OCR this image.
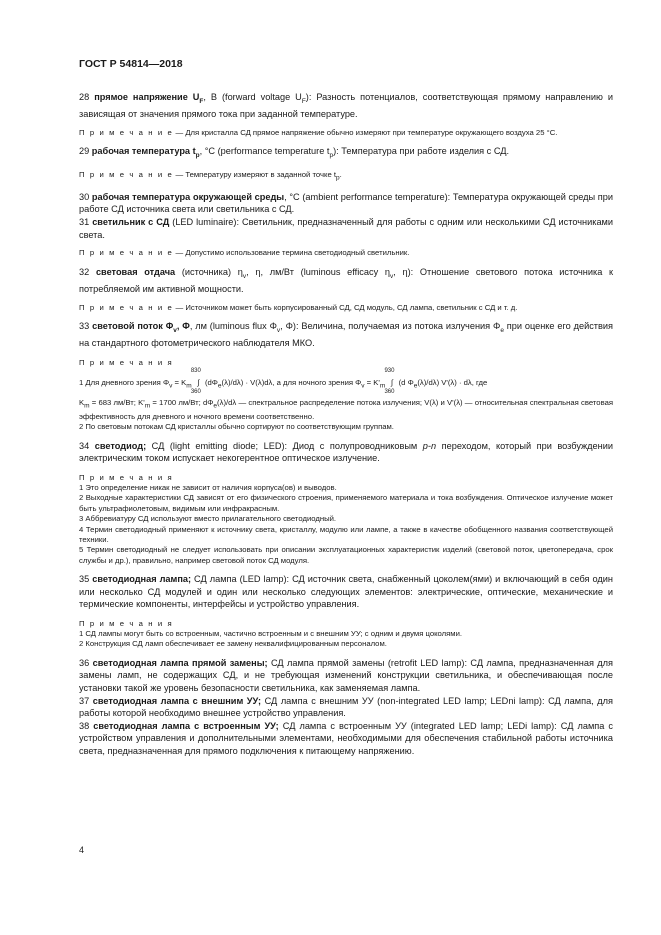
ГОСТ Р 54814—2018

28 прямое напряжение $U_F$, В (forward voltage $U_F$): Разность потенциалов, соответствующая прямому направлению и зависящая от значения прямого тока при заданной температуре.

П р и м е ч а н и е — Для кристалла СД прямое напряжение обычно измеряют при температуре окружающего воздуха 25 °С.

29 рабочая температура $t_p$, °C (performance temperature $t_p$): Температура при работе изделия с СД.

П р и м е ч а н и е — Температуру измеряют в заданной точке $t_p$.

30 рабочая температура окружающей среды, °C (ambient performance temperature): Температура окружающей среды при работе СД источника света или светильника с СД.

31 светильник с СД (LED luminaire): Светильник, предназначенный для работы с одним или несколькими СД источниками света.

П р и м е ч а н и е — Допустимо использование термина светодиодный светильник.

32 световая отдача (источника) $\eta_v$, η, лм/Вт (luminous efficacy $\eta_v$, η): Отношение светового потока источника к потребляемой им активной мощности.

П р и м е ч а н и е — Источником может быть корпусированный СД, СД модуль, СД лампа, светильник с СД и т. д.

33 световой поток $\Phi_v$, Φ, лм (luminous flux $\Phi_v$, Φ): Величина, получаемая из потока излучения $\Phi_e$ при оценке его действия на стандартного фотометрического наблюдателя МКО.

П р и м е ч а н и я
1 Для дневного зрения $\Phi_v = K_m$ ∫
830
360
$(d\Phi_e(\lambda)/d\lambda) \cdot V(\lambda)d\lambda$, а для ночного зрения $\Phi_v = K'_m$ ∫
930
360
(d $\Phi_e(\lambda)/d\lambda$) V'(λ) · dλ, где
$K_m = 683$ лм/Вт; $K'_m = 1700$ лм/Вт; $d\Phi_e(\lambda)/d\lambda$ — спектральное распределение потока излучения; V(λ) и V'(λ) — относительная спектральная световая эффективность для дневного и ночного времени соответственно.
2 По световым потокам СД кристаллы обычно сортируют по соответствующим группам.

34 светодиод; СД (light emitting diode; LED): Диод с полупроводниковым p-n переходом, который при возбуждении электрическим током испускает некогерентное оптическое излучение.

П р и м е ч а н и я
1 Это определение никак не зависит от наличия корпуса(ов) и выводов.
2 Выходные характеристики СД зависят от его физического строения, применяемого материала и тока возбуждения. Оптическое излучение может быть ультрафиолетовым, видимым или инфракрасным.
3 Аббревиатуру СД используют вместо прилагательного светодиодный.
4 Термин светодиодный применяют к источнику света, кристаллу, модулю или лампе, а также в качестве обобщенного названия соответствующей техники.
5 Термин светодиодный не следует использовать при описании эксплуатационных характеристик изделий (световой поток, цветопередача, срок службы и др.), правильно, например световой поток СД модуля.

35 светодиодная лампа; СД лампа (LED lamp): СД источник света, снабженный цоколем(ями) и включающий в себя один или несколько СД модулей и один или несколько следующих элементов: электрические, оптические, механические и термические компоненты, интерфейсы и устройство управления.

П р и м е ч а н и я
1 СД лампы могут быть со встроенным, частично встроенным и с внешним УУ; с одним и двумя цоколями.
2 Конструкция СД ламп обеспечивает ее замену неквалифицированным персоналом.

36 светодиодная лампа прямой замены; СД лампа прямой замены (retrofit LED lamp): СД лампа, предназначенная для замены ламп, не содержащих СД, и не требующая изменений конструкции светильника, и обеспечивающая после установки такой же уровень безопасности светильника, как заменяемая лампа.

37 светодиодная лампа с внешним УУ; СД лампа с внешним УУ (non-integrated LED lamp; LEDni lamp): СД лампа, для работы которой необходимо внешнее устройство управления.

38 светодиодная лампа с встроенным УУ; СД лампа с встроенным УУ (integrated LED lamp; LEDi lamp): СД лампа с устройством управления и дополнительными элементами, необходимыми для обеспечения стабильной работы источника света, предназначенная для прямого подключения к питающему напряжению.

4
